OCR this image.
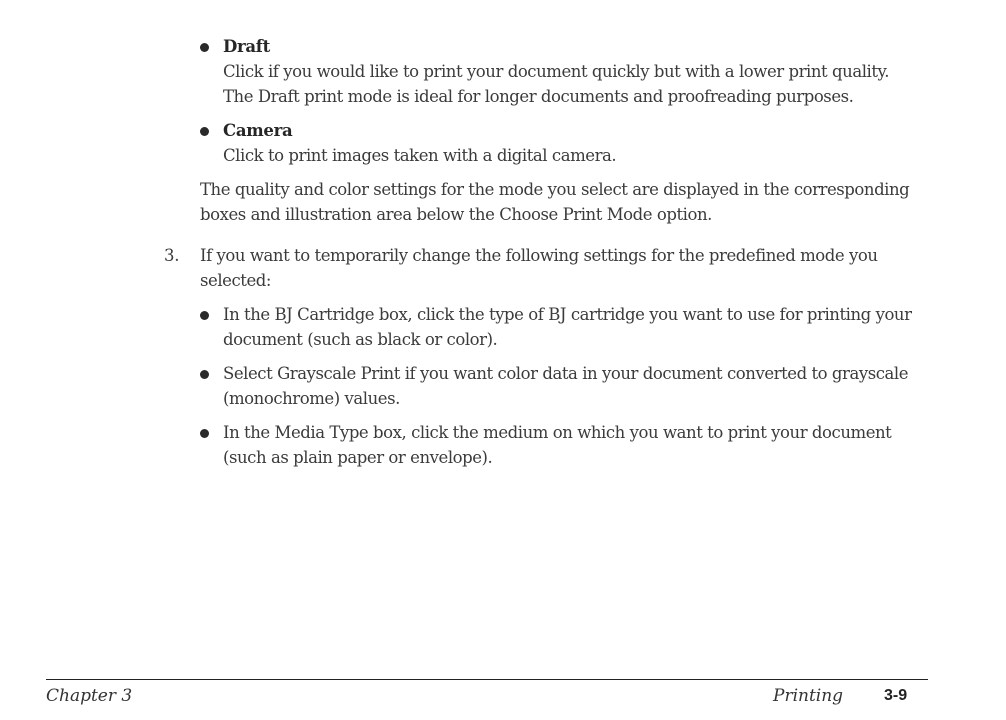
Draft
Click if you would like to print your document quickly but with a lower print quality.
The Draft print mode is ideal for longer documents and proofreading purposes.
Camera
Click to print images taken with a digital camera.
The quality and color settings for the mode you select are displayed in the corresponding
boxes and illustration area below the Choose Print Mode option.
3. If you want to temporarily change the following settings for the predefined mode you
selected:
In the BJ Cartridge box, click the type of BJ cartridge you want to use for printing your
document (such as black or color).
Select Grayscale Print if you want color data in your document converted to grayscale
(monochrome) values.
In the Media Type box, click the medium on which you want to print your document
(such as plain paper or envelope).
Chapter 3	Printing	3-9
